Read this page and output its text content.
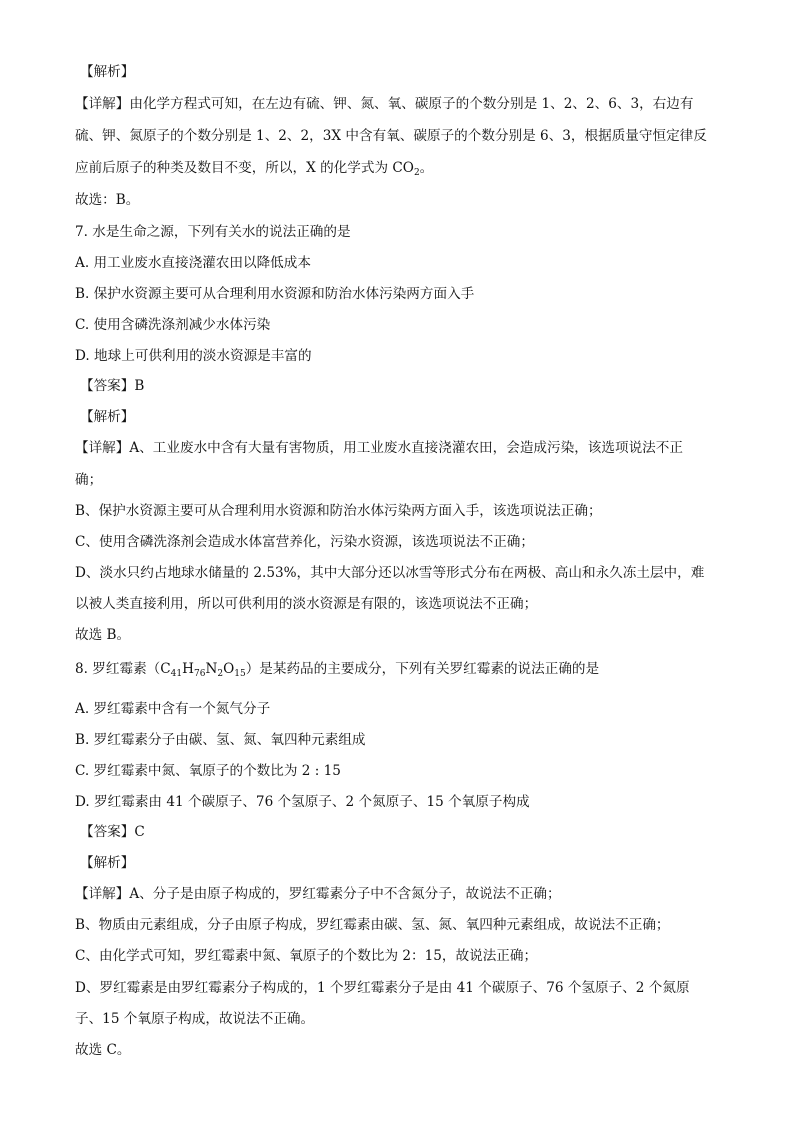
【解析】
【详解】由化学方程式可知，在左边有硫、钾、氮、氧、碳原子的个数分别是 1、2、2、6、3，右边有
硫、钾、氮原子的个数分别是 1、2、2，3X 中含有氧、碳原子的个数分别是 6、3，根据质量守恒定律反
应前后原子的种类及数目不变，所以，X 的化学式为 $CO_2$。
故选：B。
7. 水是生命之源，下列有关水的说法正确的是
A. 用工业废水直接浇灌农田以降低成本
B. 保护水资源主要可从合理利用水资源和防治水体污染两方面入手
C. 使用含磷洗涤剂减少水体污染
D. 地球上可供利用的淡水资源是丰富的
【答案】B
【解析】
【详解】A、工业废水中含有大量有害物质，用工业废水直接浇灌农田，会造成污染，该选项说法不正
确；
B、保护水资源主要可从合理利用水资源和防治水体污染两方面入手，该选项说法正确；
C、使用含磷洗涤剂会造成水体富营养化，污染水资源，该选项说法不正确；
D、淡水只约占地球水储量的 2.53%，其中大部分还以冰雪等形式分布在两极、高山和永久冻土层中，难
以被人类直接利用，所以可供利用的淡水资源是有限的，该选项说法不正确；
故选 B。
8. 罗红霉素$(C_{41}H_{76}N_2O_{15})$是某药品的主要成分，下列有关罗红霉素的说法正确的是
A. 罗红霉素中含有一个氮气分子
B. 罗红霉素分子由碳、氢、氮、氧四种元素组成
C. 罗红霉素中氮、氧原子的个数比为 2 : 15
D. 罗红霉素由 41 个碳原子、76 个氢原子、2 个氮原子、15 个氧原子构成
【答案】C
【解析】
【详解】A、分子是由原子构成的，罗红霉素分子中不含氮分子，故说法不正确；
B、物质由元素组成，分子由原子构成，罗红霉素由碳、氢、氮、氧四种元素组成，故说法不正确；
C、由化学式可知，罗红霉素中氮、氧原子的个数比为 2：15，故说法正确；
D、罗红霉素是由罗红霉素分子构成的，1 个罗红霉素分子是由 41 个碳原子、76 个氢原子、2 个氮原
子、15 个氧原子构成，故说法不正确。
故选 C。
